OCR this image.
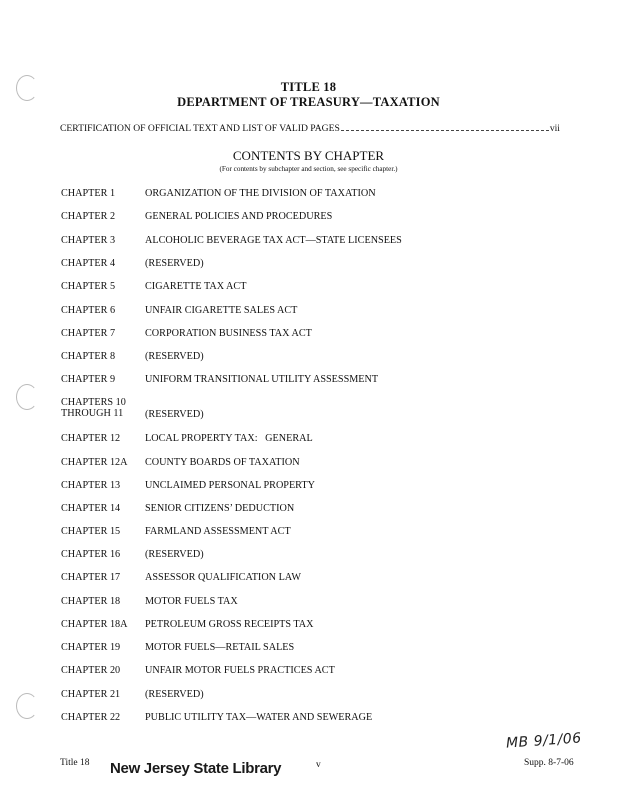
TITLE 18
DEPARTMENT OF TREASURY—TAXATION
CERTIFICATION OF OFFICIAL TEXT AND LIST OF VALID PAGES	vii
CONTENTS BY CHAPTER
(For contents by subchapter and section, see specific chapter.)
CHAPTER 1	ORGANIZATION OF THE DIVISION OF TAXATION
CHAPTER 2	GENERAL POLICIES AND PROCEDURES
CHAPTER 3	ALCOHOLIC BEVERAGE TAX ACT—STATE LICENSEES
CHAPTER 4	(RESERVED)
CHAPTER 5	CIGARETTE TAX ACT
CHAPTER 6	UNFAIR CIGARETTE SALES ACT
CHAPTER 7	CORPORATION BUSINESS TAX ACT
CHAPTER 8	(RESERVED)
CHAPTER 9	UNIFORM TRANSITIONAL UTILITY ASSESSMENT
CHAPTERS 10
THROUGH 11	(RESERVED)
CHAPTER 12	LOCAL PROPERTY TAX:   GENERAL
CHAPTER 12A	COUNTY BOARDS OF TAXATION
CHAPTER 13	UNCLAIMED PERSONAL PROPERTY
CHAPTER 14	SENIOR CITIZENS’ DEDUCTION
CHAPTER 15	FARMLAND ASSESSMENT ACT
CHAPTER 16	(RESERVED)
CHAPTER 17	ASSESSOR QUALIFICATION LAW
CHAPTER 18	MOTOR FUELS TAX
CHAPTER 18A	PETROLEUM GROSS RECEIPTS TAX
CHAPTER 19	MOTOR FUELS—RETAIL SALES
CHAPTER 20	UNFAIR MOTOR FUELS PRACTICES ACT
CHAPTER 21	(RESERVED)
CHAPTER 22	PUBLIC UTILITY TAX—WATER AND SEWERAGE
MB 9/1/06
Title 18 New Jersey State Library	v	Supp. 8-7-06
